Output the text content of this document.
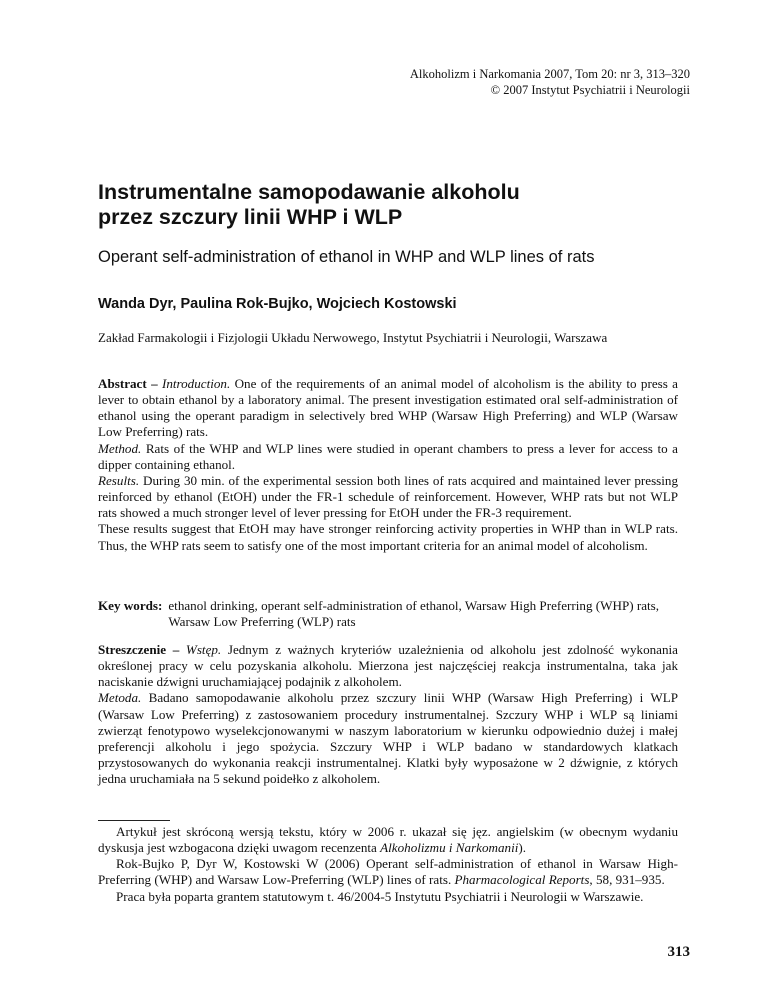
Alkoholizm i Narkomania 2007, Tom 20: nr 3, 313–320
© 2007 Instytut Psychiatrii i Neurologii
Instrumentalne samopodawanie alkoholu
przez szczury linii WHP i WLP
Operant self-administration of ethanol in WHP and WLP lines of rats
Wanda Dyr, Paulina Rok-Bujko, Wojciech Kostowski
Zakład Farmakologii i Fizjologii Układu Nerwowego, Instytut Psychiatrii i Neurologii, Warszawa

Abstract – Introduction. One of the requirements of an animal model of alcoholism is the ability to press a lever to obtain ethanol by a laboratory animal. The present investigation estimated oral self-administration of ethanol using the operant paradigm in selectively bred WHP (Warsaw High Preferring) and WLP (Warsaw Low Preferring) rats.

Method. Rats of the WHP and WLP lines were studied in operant chambers to press a lever for access to a dipper containing ethanol.

Results. During 30 min. of the experimental session both lines of rats acquired and maintained lever pressing reinforced by ethanol (EtOH) under the FR-1 schedule of reinforcement. However, WHP rats but not WLP rats showed a much stronger level of lever pressing for EtOH under the FR-3 requirement.

These results suggest that EtOH may have stronger reinforcing activity properties in WHP than in WLP rats. Thus, the WHP rats seem to satisfy one of the most important criteria for an animal model of alcoholism.

Key words: ethanol drinking, operant self-administration of ethanol, Warsaw High Preferring (WHP) rats, Warsaw Low Preferring (WLP) rats

Streszczenie – Wstęp. Jednym z ważnych kryteriów uzależnienia od alkoholu jest zdolność wykonania określonej pracy w celu pozyskania alkoholu. Mierzona jest najczęściej reakcja instrumentalna, taka jak naciskanie dźwigni uruchamiającej podajnik z alkoholem.

Metoda. Badano samopodawanie alkoholu przez szczury linii WHP (Warsaw High Preferring) i WLP (Warsaw Low Preferring) z zastosowaniem procedury instrumentalnej. Szczury WHP i WLP są liniami zwierząt fenotypowo wyselekcjonowanymi w naszym laboratorium w kierunku odpowiednio dużej i małej preferencji alkoholu i jego spożycia. Szczury WHP i WLP badano w standardowych klatkach przystosowanych do wykonania reakcji instrumentalnej. Klatki były wyposażone w 2 dźwignie, z których jedna uruchamiała na 5 sekund poidełko z alkoholem.

Artykuł jest skróconą wersją tekstu, który w 2006 r. ukazał się jęz. angielskim (w obecnym wydaniu dyskusja jest wzbogacona dzięki uwagom recenzenta Alkoholizmu i Narkomanii).

Rok-Bujko P, Dyr W, Kostowski W (2006) Operant self-administration of ethanol in Warsaw High-Preferring (WHP) and Warsaw Low-Preferring (WLP) lines of rats. Pharmacological Reports, 58, 931–935.

Praca była poparta grantem statutowym t. 46/2004-5 Instytutu Psychiatrii i Neurologii w Warszawie.

313
